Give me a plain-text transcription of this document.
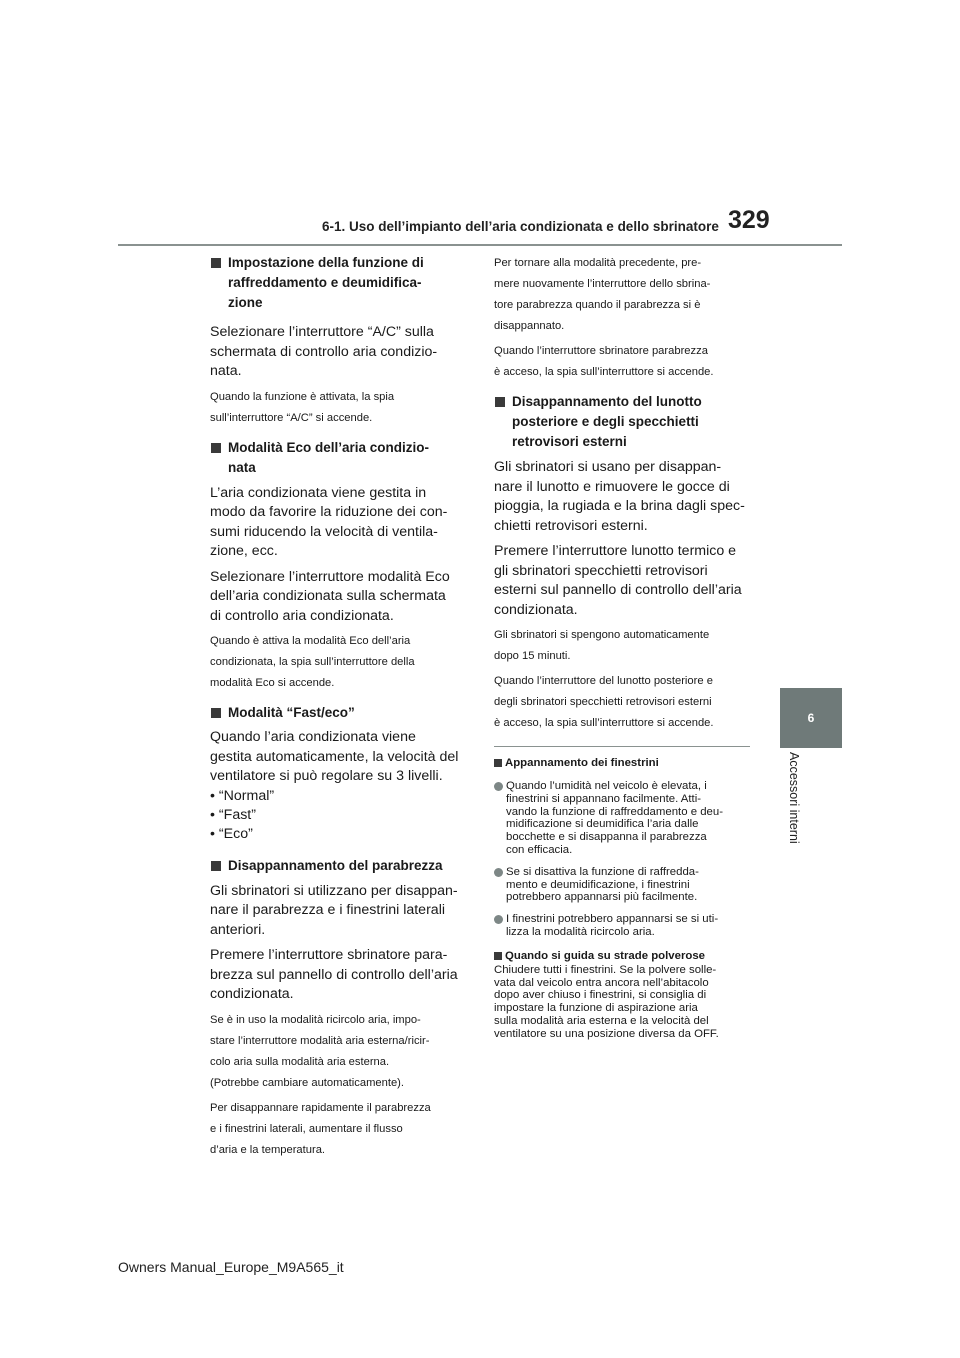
6-1. Uso dell’impianto dell’aria condizionata e dello sbrinatore 329
6
Accessori interni

Impostazione della funzione di
raffreddamento e deumidifica-
zione

Selezionare l’interruttore “A/C” sulla
schermata di controllo aria condizio-
nata.

Quando la funzione è attivata, la spia
sull’interruttore “A/C” si accende.

Modalità Eco dell’aria condizio-
nata

L’aria condizionata viene gestita in
modo da favorire la riduzione dei con-
sumi riducendo la velocità di ventila-
zione, ecc.

Selezionare l’interruttore modalità Eco
dell’aria condizionata sulla schermata
di controllo aria condizionata.

Quando è attiva la modalità Eco dell’aria
condizionata, la spia sull’interruttore della
modalità Eco si accende.

Modalità “Fast/eco”

Quando l’aria condizionata viene
gestita automaticamente, la velocità del
ventilatore si può regolare su 3 livelli.

• “Normal”
• “Fast”
• “Eco”

Disappannamento del parabrezza

Gli sbrinatori si utilizzano per disappan-
nare il parabrezza e i finestrini laterali
anteriori.

Premere l’interruttore sbrinatore para-
brezza sul pannello di controllo dell’aria
condizionata.

Se è in uso la modalità ricircolo aria, impo-
stare l’interruttore modalità aria esterna/ricir-
colo aria sulla modalità aria esterna.
(Potrebbe cambiare automaticamente).

Per disappannare rapidamente il parabrezza
e i finestrini laterali, aumentare il flusso
d’aria e la temperatura.

Per tornare alla modalità precedente, pre-
mere nuovamente l’interruttore dello sbrina-
tore parabrezza quando il parabrezza si è
disappannato.

Quando l’interruttore sbrinatore parabrezza
è acceso, la spia sull’interruttore si accende.

Disappannamento del lunotto
posteriore e degli specchietti
retrovisori esterni

Gli sbrinatori si usano per disappan-
nare il lunotto e rimuovere le gocce di
pioggia, la rugiada e la brina dagli spec-
chietti retrovisori esterni.

Premere l’interruttore lunotto termico e
gli sbrinatori specchietti retrovisori
esterni sul pannello di controllo dell’aria
condizionata.

Gli sbrinatori si spengono automaticamente
dopo 15 minuti.

Quando l’interruttore del lunotto posteriore e
degli sbrinatori specchietti retrovisori esterni
è acceso, la spia sull’interruttore si accende.

Appannamento dei finestrini

Quando l’umidità nel veicolo è elevata, i
finestrini si appannano facilmente. Atti-
vando la funzione di raffreddamento e deu-
midificazione si deumidifica l’aria dalle
bocchette e si disappanna il parabrezza
con efficacia.

Se si disattiva la funzione di raffredda-
mento e deumidificazione, i finestrini
potrebbero appannarsi più facilmente.

I finestrini potrebbero appannarsi se si uti-
lizza la modalità ricircolo aria.

Quando si guida su strade polverose

Chiudere tutti i finestrini. Se la polvere solle-
vata dal veicolo entra ancora nell’abitacolo
dopo aver chiuso i finestrini, si consiglia di
impostare la funzione di aspirazione aria
sulla modalità aria esterna e la velocità del
ventilatore su una posizione diversa da OFF.

Owners Manual_Europe_M9A565_it
